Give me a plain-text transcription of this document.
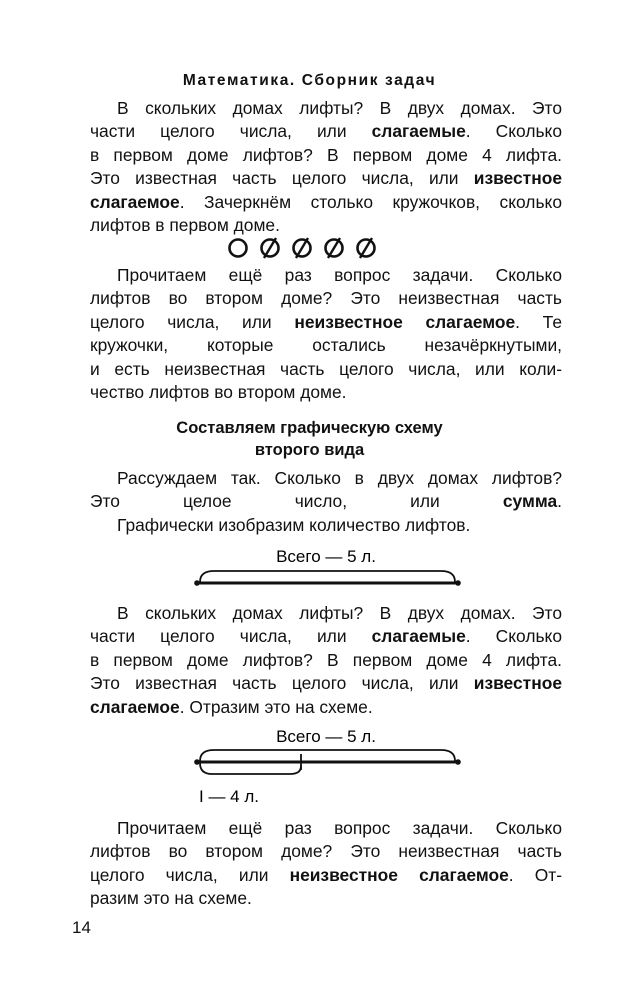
Математика. Сборник задач
В скольких домах лифты? В двух домах. Это
части целого числа, или слагаемые. Сколько
в первом доме лифтов? В первом доме 4 лифта.
Это известная часть целого числа, или известное
слагаемое. Зачеркнём столько кружочков, сколько
лифтов в первом доме.
Прочитаем ещё раз вопрос задачи. Сколько
лифтов во втором доме? Это неизвестная часть
целого числа, или неизвестное слагаемое. Те
кружочки, которые остались незачёркнутыми,
и есть неизвестная часть целого числа, или коли-
чество лифтов во втором доме.
Составляем графическую схему
второго вида
Рассуждаем так. Сколько в двух домах лифтов?
Это целое число, или сумма.
Графически изобразим количество лифтов.
Всего — 5 л.
В скольких домах лифты? В двух домах. Это
части целого числа, или слагаемые. Сколько
в первом доме лифтов? В первом доме 4 лифта.
Это известная часть целого числа, или известное
слагаемое. Отразим это на схеме.
Всего — 5 л.
I — 4 л.
Прочитаем ещё раз вопрос задачи. Сколько
лифтов во втором доме? Это неизвестная часть
целого числа, или неизвестное слагаемое. От-
разим это на схеме.
14
